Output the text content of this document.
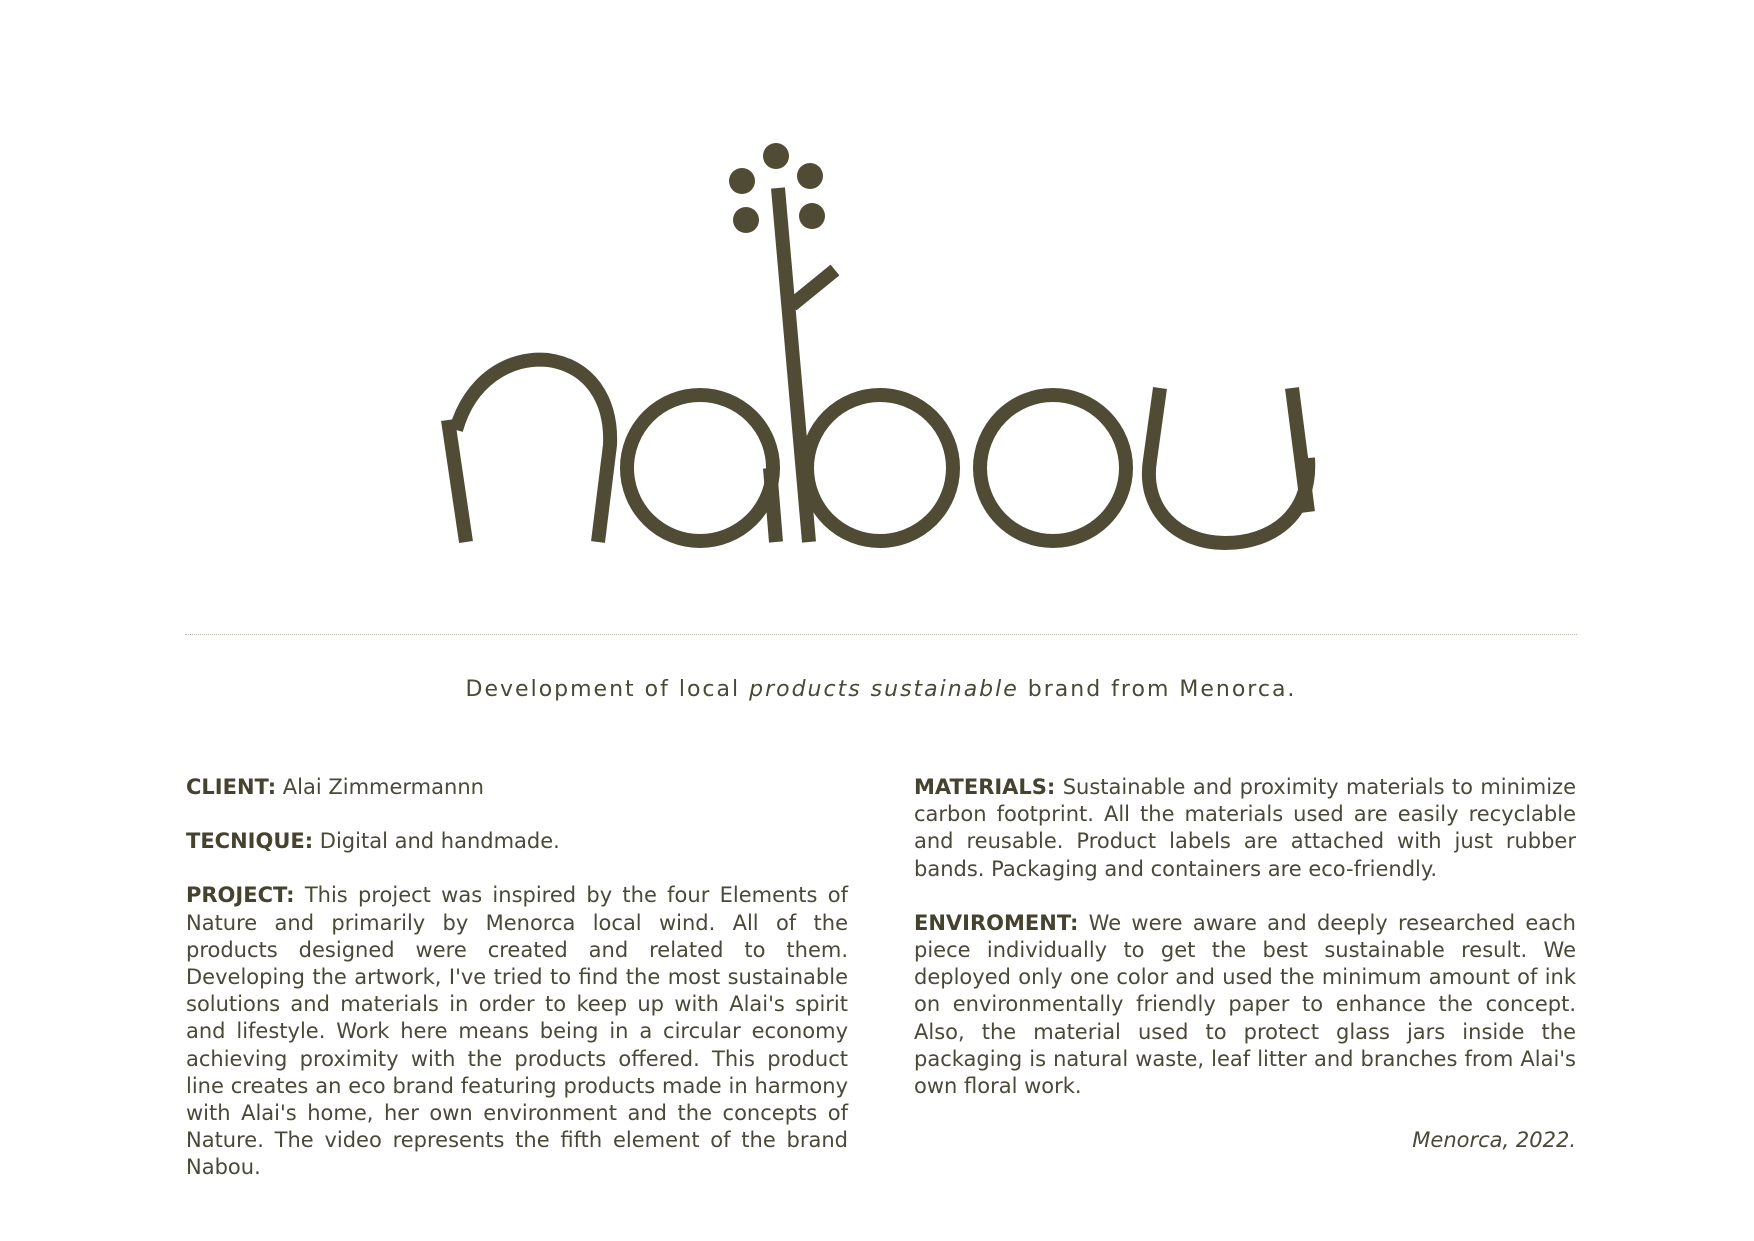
Development of local products sustainable brand from Menorca.

CLIENT: Alai Zimmermannn

TECNIQUE: Digital and handmade.

PROJECT: This project was inspired by the four Elements of Nature and primarily by Menorca local wind. All of the products designed were created and related to them. Developing the artwork, I've tried to find the most sustainable solutions and materials in order to keep up with Alai's spirit and lifestyle. Work here means being in a circular economy achieving proximity with the products offered. This product line creates an eco brand featuring products made in harmony with Alai's home, her own environment and the concepts of Nature. The video represents the fifth element of the brand Nabou.

MATERIALS: Sustainable and proximity materials to minimize carbon footprint. All the materials used are easily recyclable and reusable. Product labels are attached with just rubber bands. Packaging and containers are eco-friendly.

ENVIROMENT: We were aware and deeply researched each piece individually to get the best sustainable result. We deployed only one color and used the minimum amount of ink on environmentally friendly paper to enhance the concept. Also, the material used to protect glass jars inside the packaging is natural waste, leaf litter and branches from Alai's own floral work.

Menorca, 2022.
